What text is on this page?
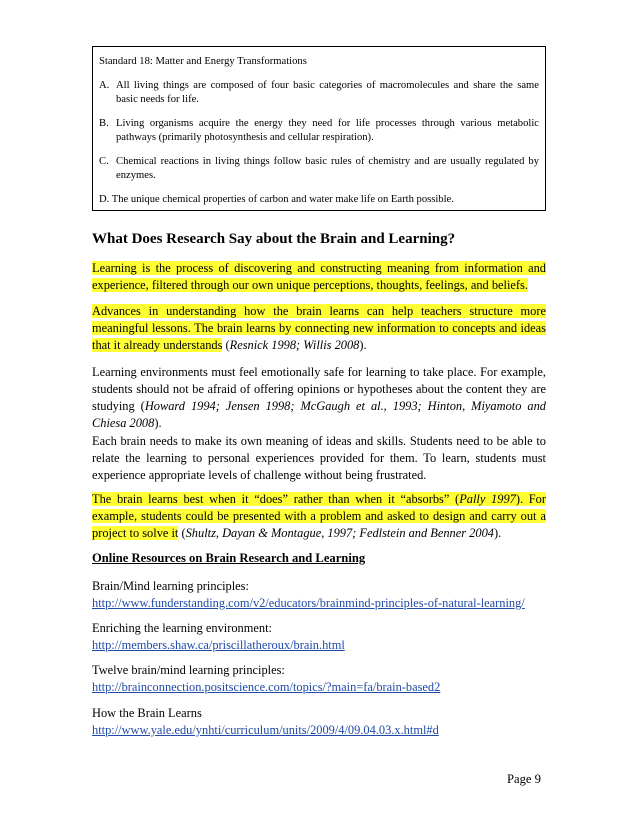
Standard 18: Matter and Energy Transformations

A. All living things are composed of four basic categories of macromolecules and share the same basic needs for life.
B. Living organisms acquire the energy they need for life processes through various metabolic pathways (primarily photosynthesis and cellular respiration).
C. Chemical reactions in living things follow basic rules of chemistry and are usually regulated by enzymes.
D. The unique chemical properties of carbon and water make life on Earth possible.
What Does Research Say about the Brain and Learning?

Learning is the process of discovering and constructing meaning from information and experience, filtered through our own unique perceptions, thoughts, feelings, and beliefs.

Advances in understanding how the brain learns can help teachers structure more meaningful lessons. The brain learns by connecting new information to concepts and ideas that it already understands (Resnick 1998; Willis 2008).

Learning environments must feel emotionally safe for learning to take place. For example, students should not be afraid of offering opinions or hypotheses about the content they are studying (Howard 1994; Jensen 1998; McGaugh et al., 1993; Hinton, Miyamoto and Chiesa 2008).

Each brain needs to make its own meaning of ideas and skills. Students need to be able to relate the learning to personal experiences provided for them. To learn, students must experience appropriate levels of challenge without being frustrated.

The brain learns best when it “does” rather than when it “absorbs” (Pally 1997). For example, students could be presented with a problem and asked to design and carry out a project to solve it (Shultz, Dayan & Montague, 1997; Fedlstein and Benner 2004).

Online Resources on Brain Research and Learning

Brain/Mind learning principles:
http://www.funderstanding.com/v2/educators/brainmind-principles-of-natural-learning/
Enriching the learning environment:
http://members.shaw.ca/priscillatheroux/brain.html
Twelve brain/mind learning principles:
http://brainconnection.positscience.com/topics/?main=fa/brain-based2
How the Brain Learns
http://www.yale.edu/ynhti/curriculum/units/2009/4/09.04.03.x.html#d
Page 9
